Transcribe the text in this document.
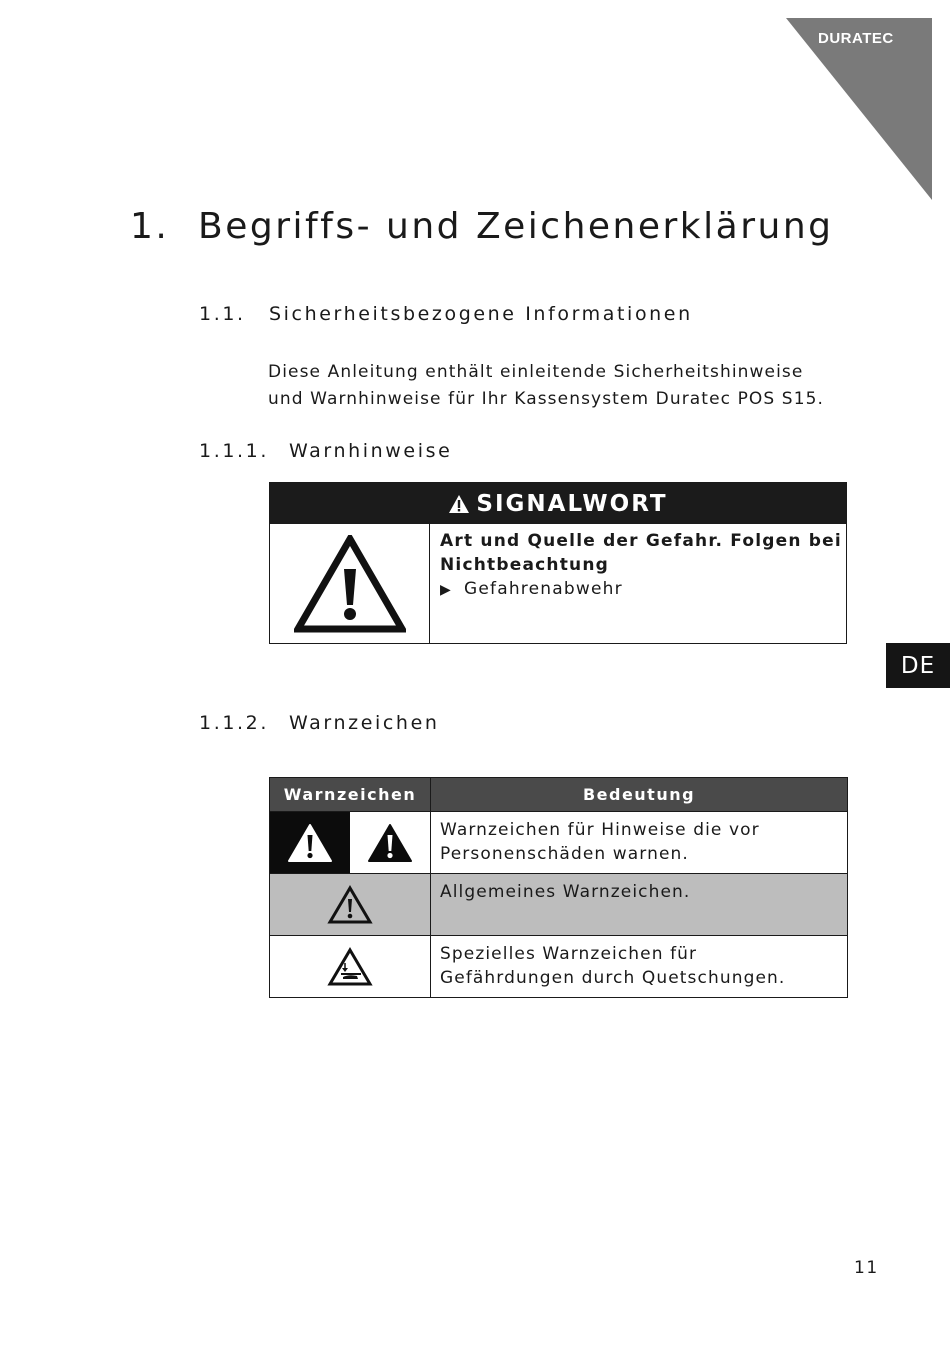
DURATEC
1. Begriffs- und Zeichenerklärung
1.1. Sicherheitsbezogene Informationen

Diese Anleitung enthält einleitende Sicherheitshinweise
und Warnhinweise für Ihr Kassensystem Duratec POS S15.

1.1.1. Warnhinweise
SIGNALWORT
Art und Quelle der Gefahr. Folgen bei
Nichtbeachtung
▶ Gefahrenabwehr
DE
1.1.2. Warnzeichen
Warnzeichen	Bedeutung

Warnzeichen für Hinweise die vor
Personenschäden warnen.

Allgemeines Warnzeichen.

Spezielles Warnzeichen für
Gefährdungen durch Quetschungen.
11
